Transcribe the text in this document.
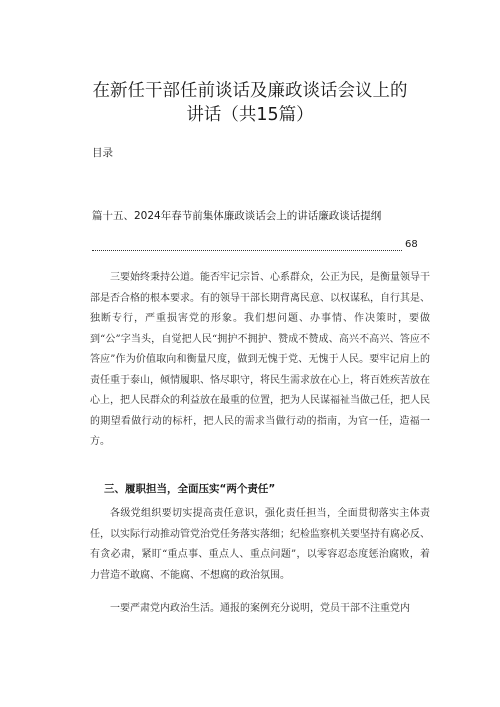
在新任干部任前谈话及廉政谈话会议上的
讲话（共15篇）
目录
篇十五、2024年春节前集体廉政谈话会上的讲话廉政谈话提纲
68
三要始终秉持公道。能否牢记宗旨、心系群众，公正为民，是衡量领导干部是否合格的根本要求。有的领导干部长期背离民意、以权谋私，自行其是、独断专行，严重损害党的形象。我们想问题、办事情、作决策时，要做到“公”字当头，自觉把人民“拥护不拥护、赞成不赞成、高兴不高兴、答应不答应”作为价值取向和衡量尺度，做到无愧于党、无愧于人民。要牢记肩上的责任重于泰山，倾情履职、恪尽职守，将民生需求放在心上，将百姓疾苦放在心上，把人民群众的利益放在最重的位置，把为人民谋福祉当做己任，把人民的期望看做行动的标杆，把人民的需求当做行动的指南，为官一任，造福一方。
三、履职担当，全面压实“两个责任”
各级党组织要切实提高责任意识，强化责任担当，全面贯彻落实主体责任，以实际行动推动管党治党任务落实落细；纪检监察机关要坚持有腐必反、有贪必肃，紧盯“重点事、重点人、重点问题”，以零容忍态度惩治腐败，着力营造不敢腐、不能腐、不想腐的政治氛围。
一要严肃党内政治生活。通报的案例充分说明，党员干部不注重党内
